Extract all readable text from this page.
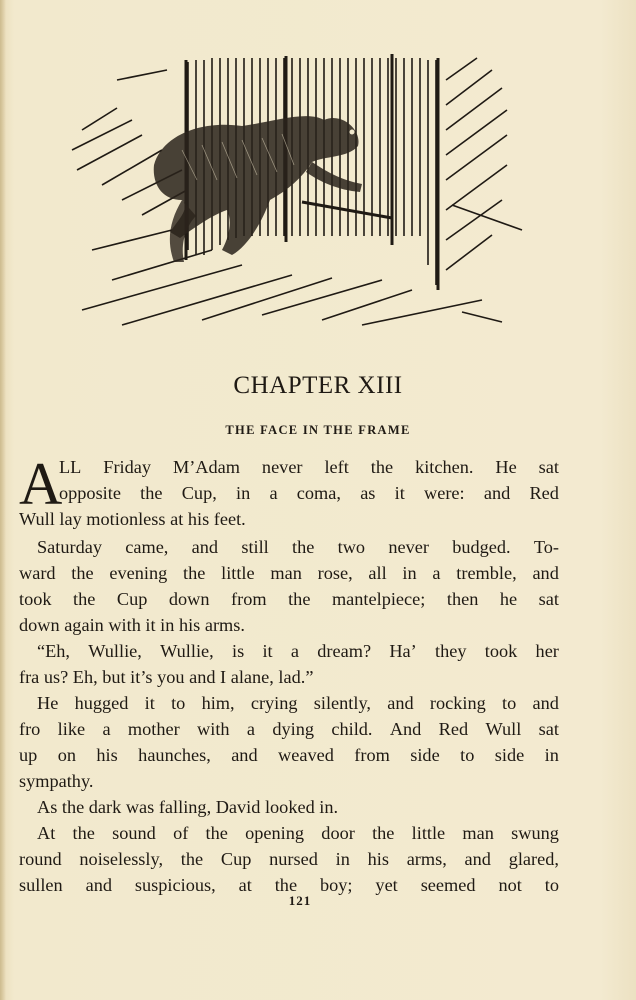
CHAPTER XIII
THE FACE IN THE FRAME
A
LL Friday M’Adam never left the kitchen. He sat
opposite the Cup, in a coma, as it were: and Red
Wull lay motionless at his feet.
Saturday came, and still the two never budged. To-
ward the evening the little man rose, all in a tremble, and
took the Cup down from the mantelpiece; then he sat
down again with it in his arms.
“Eh, Wullie, Wullie, is it a dream? Ha’ they took her
fra us? Eh, but it’s you and I alane, lad.”
He hugged it to him, crying silently, and rocking to and
fro like a mother with a dying child. And Red Wull sat
up on his haunches, and weaved from side to side in
sympathy.
As the dark was falling, David looked in.
At the sound of the opening door the little man swung
round noiselessly, the Cup nursed in his arms, and glared,
sullen and suspicious, at the boy; yet seemed not to
121
